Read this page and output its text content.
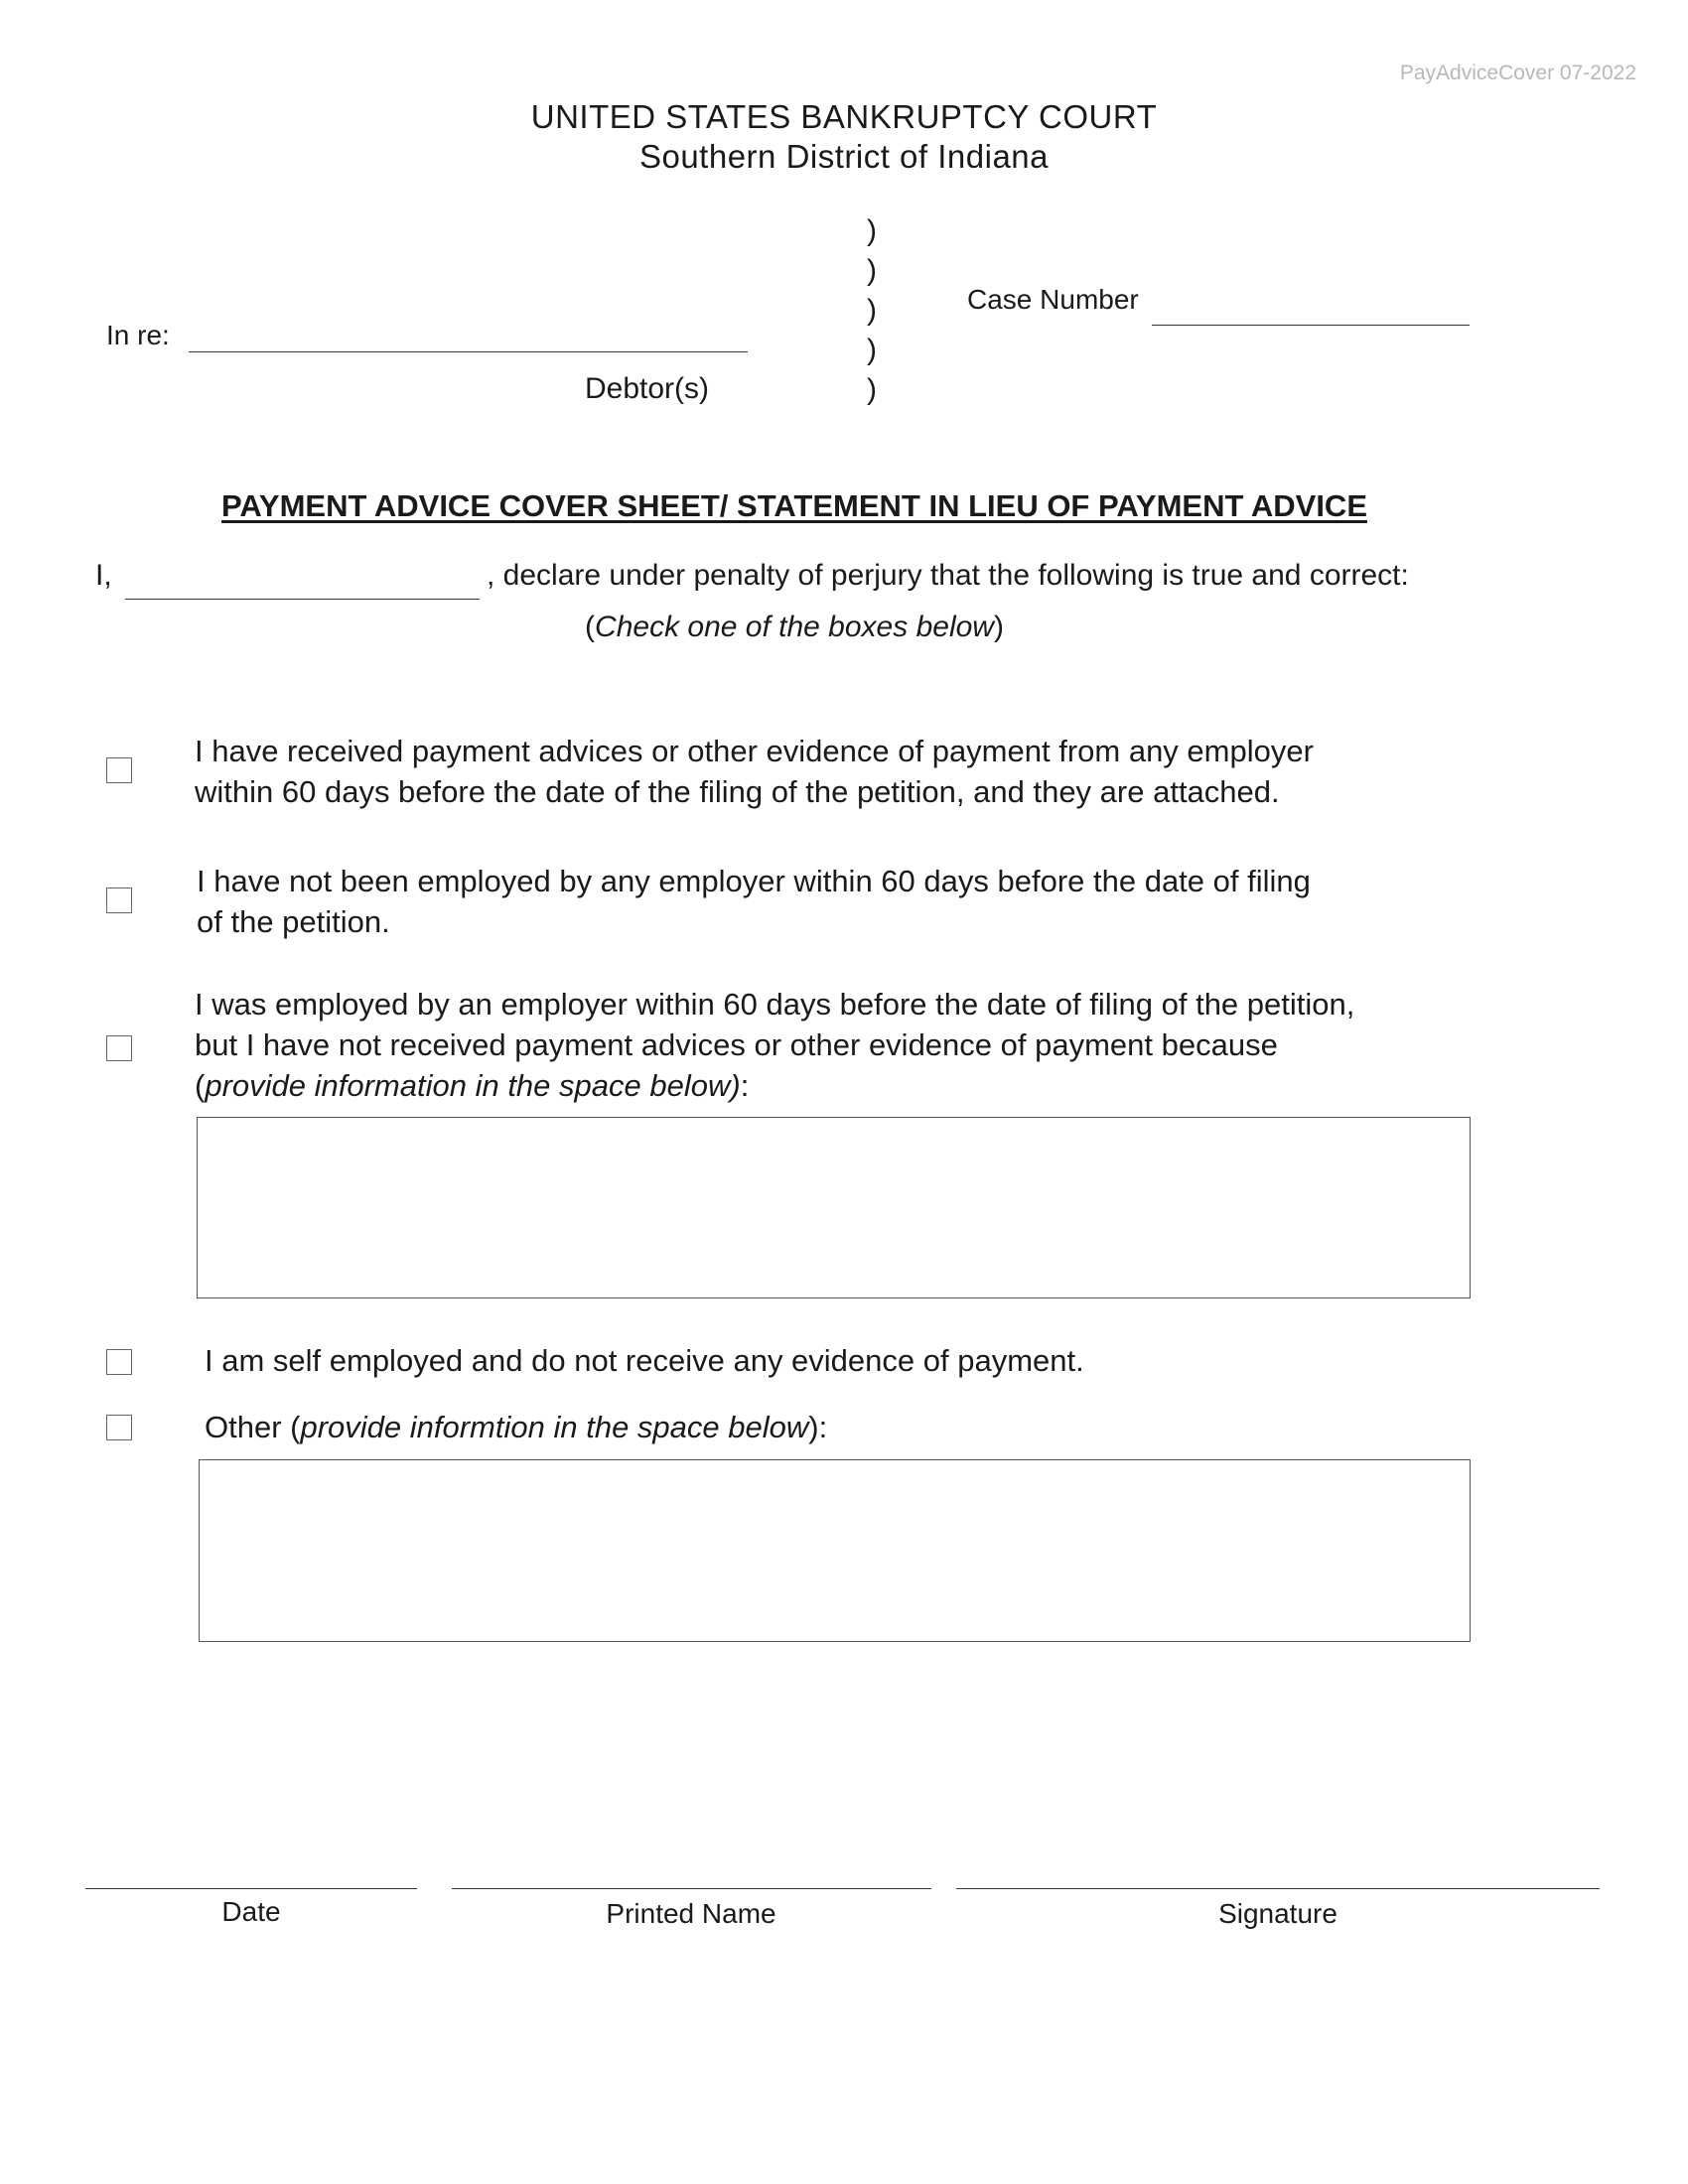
PayAdviceCover 07-2022
UNITED STATES BANKRUPTCY COURT
Southern District of Indiana
In re:
Debtor(s)
)
)
)
)
)
Case Number
PAYMENT ADVICE COVER SHEET/ STATEMENT IN LIEU OF PAYMENT ADVICE
I,	, declare under penalty of perjury that the following is true and correct:
(Check one of the boxes below)
I have received payment advices or other evidence of payment from any employer
within 60 days before the date of the filing of the petition, and they are attached.
I have not been employed by any employer within 60 days before the date of filing
of the petition.
I was employed by an employer within 60 days before the date of filing of the petition,
but I have not received payment advices or other evidence of payment because
(provide information in the space below):
I am self employed and do not receive any evidence of payment.
Other (provide informtion in the space below):
Date	Printed Name	Signature
